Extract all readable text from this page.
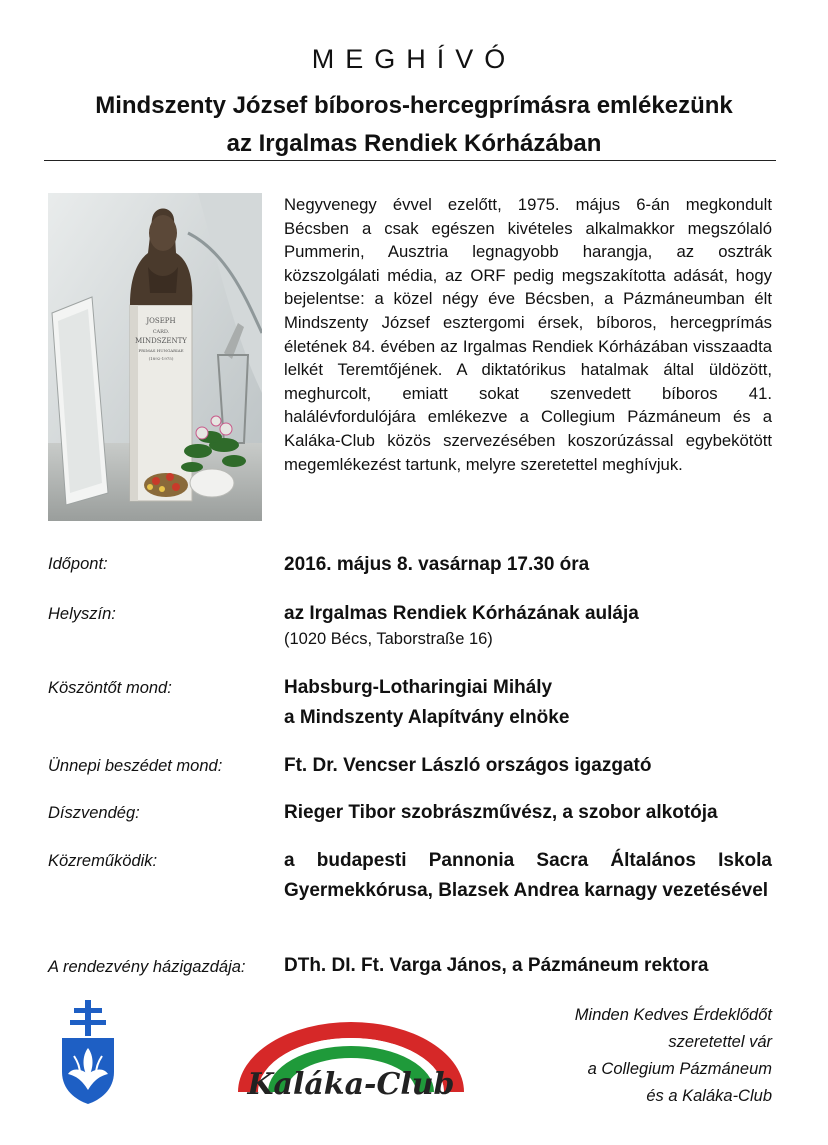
MEGHÍVÓ
Mindszenty József bíboros-hercegprímásra emlékezünk
az Irgalmas Rendiek Kórházában
JOSEPH
CARD.
MINDSZENTY
PRIMAS HUNGARIAE
(1892-1975)
Negyvenegy évvel ezelőtt, 1975. május 6-án megkondult Bécsben a csak egészen kivételes alkalmakkor megszólaló Pummerin, Ausztria legnagyobb harangja, az osztrák közszolgálati média, az ORF pedig megszakította adását, hogy bejelentse: a közel négy éve Bécsben, a Pázmáneumban élt Mindszenty József esztergomi érsek, bíboros, hercegprímás életének 84. évében az Irgalmas Rendiek Kórházában visszaadta lelkét Teremtőjének. A diktatórikus hatalmak által üldözött, meghurcolt, emiatt sokat szenvedett bíboros 41. halálévfordulójára emlékezve a Collegium Pázmáneum és a Kaláka-Club közös szervezésében koszorúzással egybekötött megemlékezést tartunk, melyre szeretettel meghívjuk.
Időpont:	2016. május 8. vasárnap 17.30 óra
Helyszín:	az Irgalmas Rendiek Kórházának aulája
(1020 Bécs, Taborstraße 16)
Köszöntőt mond:	Habsburg-Lotharingiai Mihály
a Mindszenty Alapítvány elnöke
Ünnepi beszédet mond:	Ft. Dr. Vencser László országos igazgató
Díszvendég:	Rieger Tibor szobrászművész, a szobor alkotója
Közreműködik:	a budapesti Pannonia Sacra Általános Iskola Gyermekkórusa, Blazsek Andrea karnagy vezetésével
A rendezvény házigazdája: DTh. DI. Ft. Varga János, a Pázmáneum rektora
Kaláka-Club
Minden Kedves Érdeklődőt
szeretettel vár
a Collegium Pázmáneum
és a Kaláka-Club
